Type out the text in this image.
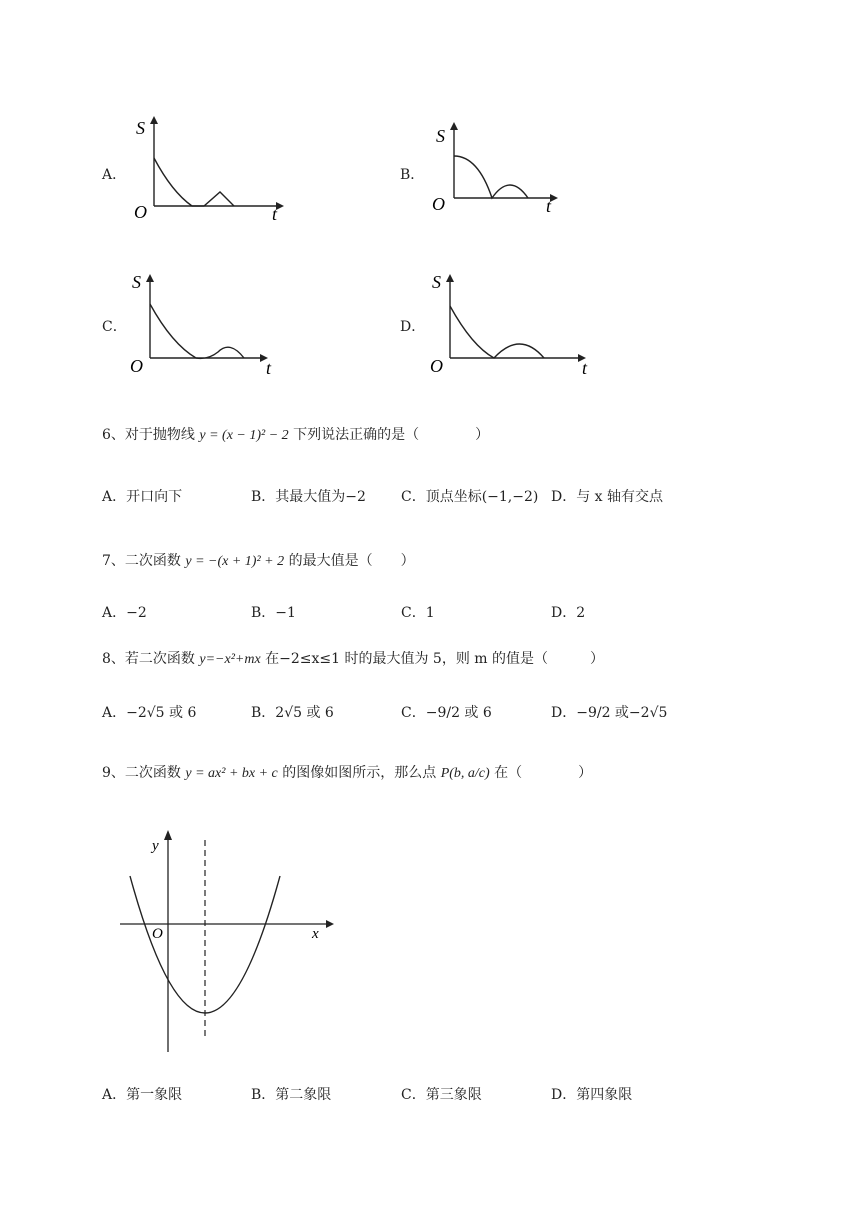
A．
S
O	t
B．
S
O	t
C．
S
O	t
D．
S
O	t
6、对于抛物线 y = (x − 1)² − 2 下列说法正确的是（　　　　）
A．开口向下	B．其最大值为−2	C．顶点坐标(−1,−2) D．与 x 轴有交点
7、二次函数 y = −(x + 1)² + 2 的最大值是（　　）
A．−2	B．−1	C．1	D．2
8、若二次函数 y=−x²+mx 在−2≤x≤1 时的最大值为 5，则 m 的值是（　　　）
A．−2√5 或 6	B．2√5 或 6	C．−9/2 或 6	D．−9/2 或−2√5
9、二次函数 y = ax² + bx + c 的图像如图所示，那么点 P(b, a/c) 在（　　　　）
y
x
O
A．第一象限	B．第二象限	C．第三象限	D．第四象限
